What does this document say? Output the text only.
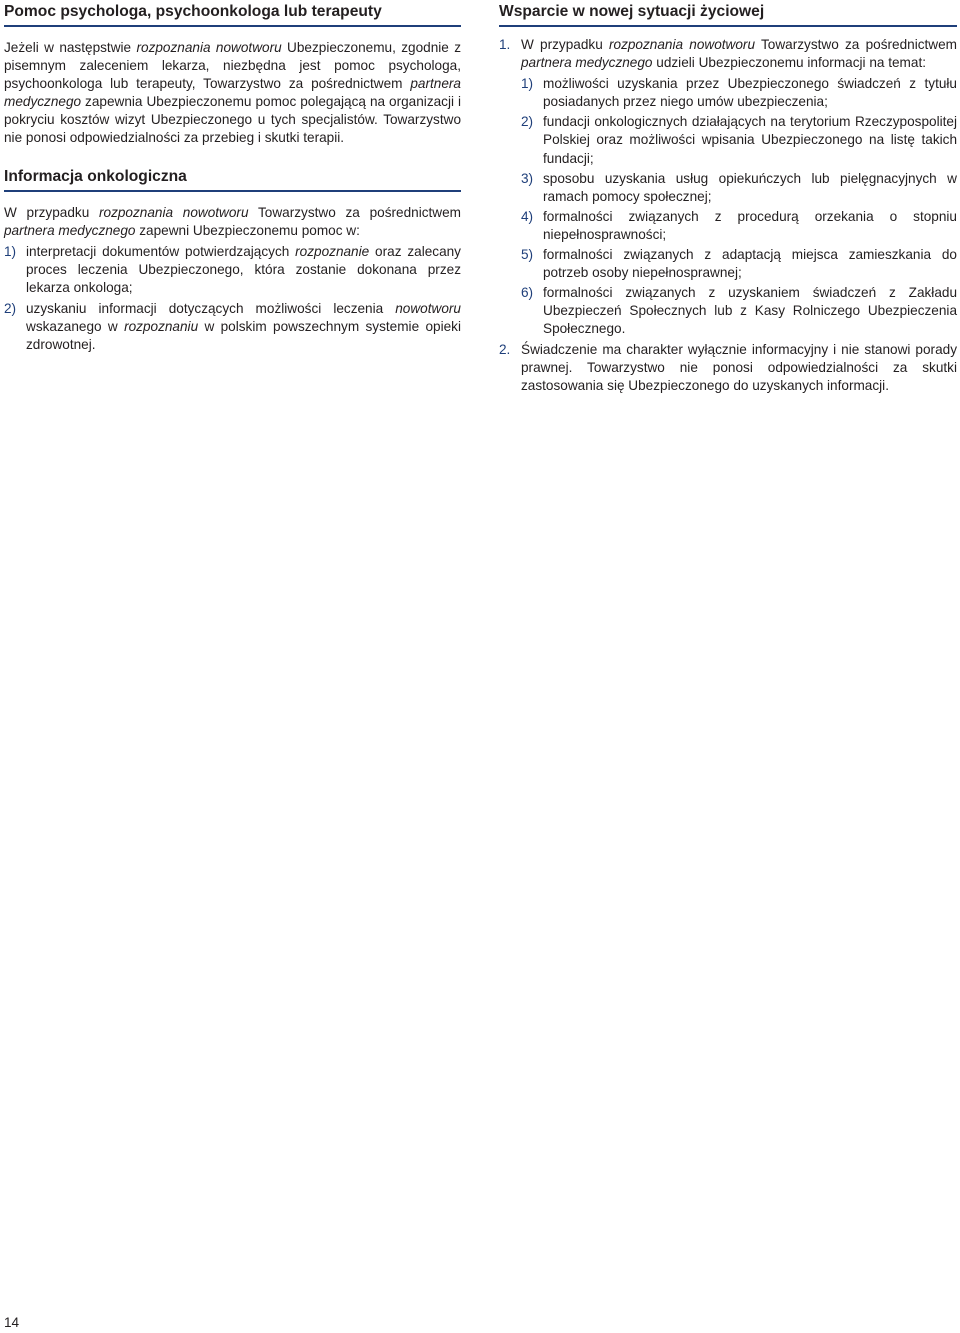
Pomoc psychologa, psychoonkologa lub terapeuty

Jeżeli w następstwie rozpoznania nowotworu Ubezpieczonemu, zgodnie z pisemnym zaleceniem lekarza, niezbędna jest pomoc psychologa, psychoonkologa lub terapeuty, Towarzystwo za pośrednictwem partnera medycznego zapewnia Ubezpieczonemu pomoc polegającą na organizacji i pokryciu kosztów wizyt Ubezpieczonego u tych specjalistów. Towarzystwo nie ponosi odpowiedzialności za przebieg i skutki terapii.

Informacja onkologiczna

W przypadku rozpoznania nowotworu Towarzystwo za pośrednictwem partnera medycznego zapewni Ubezpieczonemu pomoc w:

1) interpretacji dokumentów potwierdzających rozpoznanie oraz zalecany proces leczenia Ubezpieczonego, która zostanie dokonana przez lekarza onkologa;
2) uzyskaniu informacji dotyczących możliwości leczenia nowotworu wskazanego w rozpoznaniu w polskim powszechnym systemie opieki zdrowotnej.
Wsparcie w nowej sytuacji życiowej
1. W przypadku rozpoznania nowotworu Towarzystwo za pośrednictwem partnera medycznego udzieli Ubezpieczonemu informacji na temat:
1) możliwości uzyskania przez Ubezpieczonego świadczeń z tytułu posiadanych przez niego umów ubezpieczenia;
2) fundacji onkologicznych działających na terytorium Rzeczypospolitej Polskiej oraz możliwości wpisania Ubezpieczonego na listę takich fundacji;
3) sposobu uzyskania usług opiekuńczych lub pielęgnacyjnych w ramach pomocy społecznej;
4) formalności związanych z procedurą orzekania o stopniu niepełnosprawności;
5) formalności związanych z adaptacją miejsca zamieszkania do potrzeb osoby niepełnosprawnej;
6) formalności związanych z uzyskaniem świadczeń z Zakładu Ubezpieczeń Społecznych lub z Kasy Rolniczego Ubezpieczenia Społecznego.
2. Świadczenie ma charakter wyłącznie informacyjny i nie stanowi porady prawnej. Towarzystwo nie ponosi odpowiedzialności za skutki zastosowania się Ubezpieczonego do uzyskanych informacji.
14
